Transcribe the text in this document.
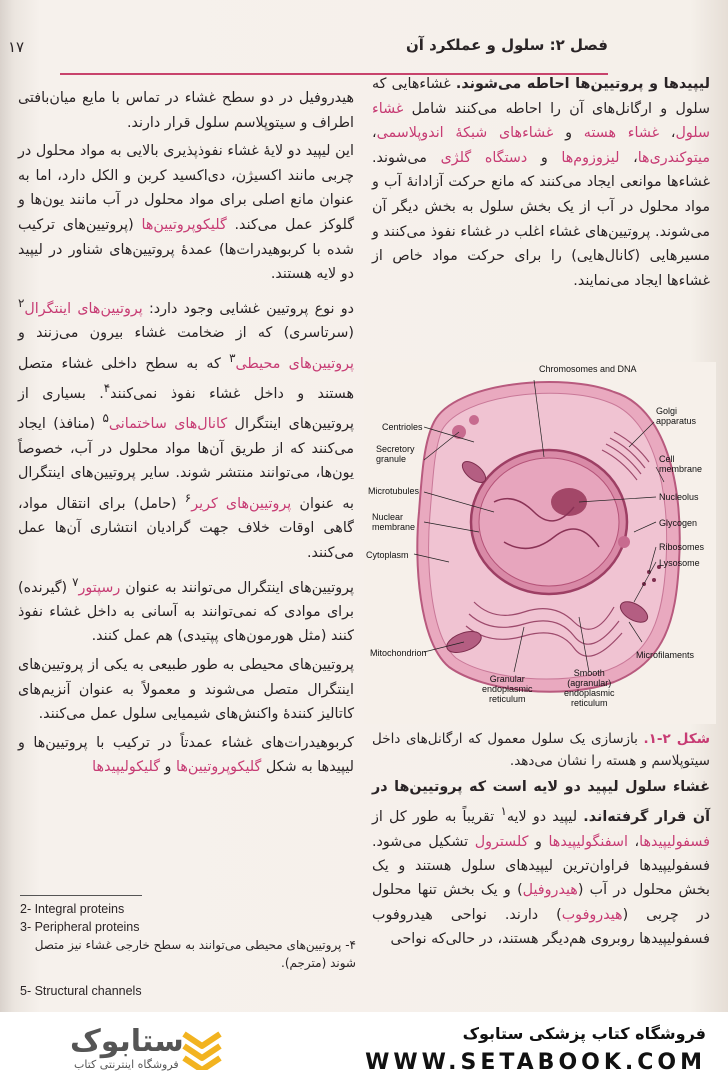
۱۷	فصل ۲: سلول و عملکرد آن

لیپیدها و پروتیین‌ها احاطه می‌شوند. غشاءهایی که سلول و ارگانل‌های آن را احاطه می‌کنند شامل غشاء سلول، غشاء هسته و غشاءهای شبکهٔ اندوپلاسمی، میتوکندری‌ها، لیزوزوم‌ها و دستگاه گلژی می‌شوند. غشاءها موانعی ایجاد می‌کنند که مانع حرکت آزادانهٔ آب و مواد محلول در آب از یک بخش سلول به بخش دیگر آن می‌شوند. پروتیین‌های غشاء اغلب در غشاء نفوذ می‌کنند و مسیرهایی (کانال‌هایی) را برای حرکت مواد خاص از غشاءها ایجاد می‌نمایند.

Chromosomes and DNA
Centrioles
Secretory
granule
Microtubules
Nuclear
membrane
Cytoplasm
Golgi
apparatus
Cell
membrane
Nucleolus
Glycogen
Ribosomes
Lysosome
Mitochondrion
Granular
endoplasmic
reticulum
Smooth
(agranular)
endoplasmic
reticulum
Microfilaments
شکل ۲-۱. بازسازی یک سلول معمول که ارگانل‌های داخل سیتوپلاسم و هسته را نشان می‌دهد.
غشاء سلول لیپید دو لایه است که پروتیین‌ها در آن قرار گرفته‌اند. لیپید دو لایه$^۱$ تقریباً به طور کل از فسفولیپیدها، اسفنگولیپیدها و کلسترول تشکیل می‌شود. فسفولیپیدها فراوان‌ترین لیپیدهای سلول هستند و یک بخش محلول در آب (هیدروفیل) و یک بخش تنها محلول در چربی (هیدروفوب) دارند. نواحی هیدروفوب فسفولیپیدها روبروی هم‌دیگر هستند، در حالی‌که نواحی

هیدروفیل در دو سطح غشاء در تماس با مایع میان‌بافتی اطراف و سیتوپلاسم سلول قرار دارند.

این لیپید دو لایهٔ غشاء نفوذپذیری بالایی به مواد محلول در چربی مانند اکسیژن، دی‌اکسید کربن و الکل دارد، اما به عنوان مانع اصلی برای مواد محلول در آب مانند یون‌ها و گلوکز عمل می‌کند. گلیکوپروتیین‌ها (پروتیین‌های ترکیب شده با کربوهیدرات‌ها) عمدهٔ پروتیین‌های شناور در لیپید دو لایه هستند.

دو نوع پروتیین غشایی وجود دارد: پروتیین‌های اینتگرال$^۲$ (سرتاسری) که از ضخامت غشاء بیرون می‌زنند و پروتیین‌های محیطی$^۳$ که به سطح داخلی غشاء متصل هستند و داخل غشاء نفوذ نمی‌کنند$^۴$. بسیاری از پروتیین‌های اینتگرال کانال‌های ساختمانی$^۵$ (منافذ) ایجاد می‌کنند که از طریق آن‌ها مواد محلول در آب، خصوصاً یون‌ها، می‌توانند منتشر شوند. سایر پروتیین‌های اینتگرال به عنوان پروتیین‌های کریر$^۶$ (حامل) برای انتقال مواد، گاهی اوقات خلاف جهت گرادیان انتشاری آن‌ها عمل می‌کنند.

پروتیین‌های اینتگرال می‌توانند به عنوان رسپتور$^۷$ (گیرنده) برای موادی که نمی‌توانند به آسانی به داخل غشاء نفوذ کنند (مثل هورمون‌های پپتیدی) هم عمل کنند.

پروتیین‌های محیطی به طور طبیعی به یکی از پروتیین‌های اینتگرال متصل می‌شوند و معمولاً به عنوان آنزیم‌های کاتالیز کنندهٔ واکنش‌های شیمیایی سلول عمل می‌کنند.

کربوهیدرات‌های غشاء عمدتاً در ترکیب با پروتیین‌ها و لیپیدها به شکل گلیکوپروتیین‌ها و گلیکولیپیدها

2- Integral proteins
3- Peripheral proteins
۴- پروتیین‌های محیطی می‌توانند به سطح خارجی غشاء نیز متصل شوند (مترجم).
5- Structural channels
ستابوک
فروشگاه اینترنتی کتاب
فروشگاه کتاب پزشکی ستابوک
WWW.SETABOOK.COM
